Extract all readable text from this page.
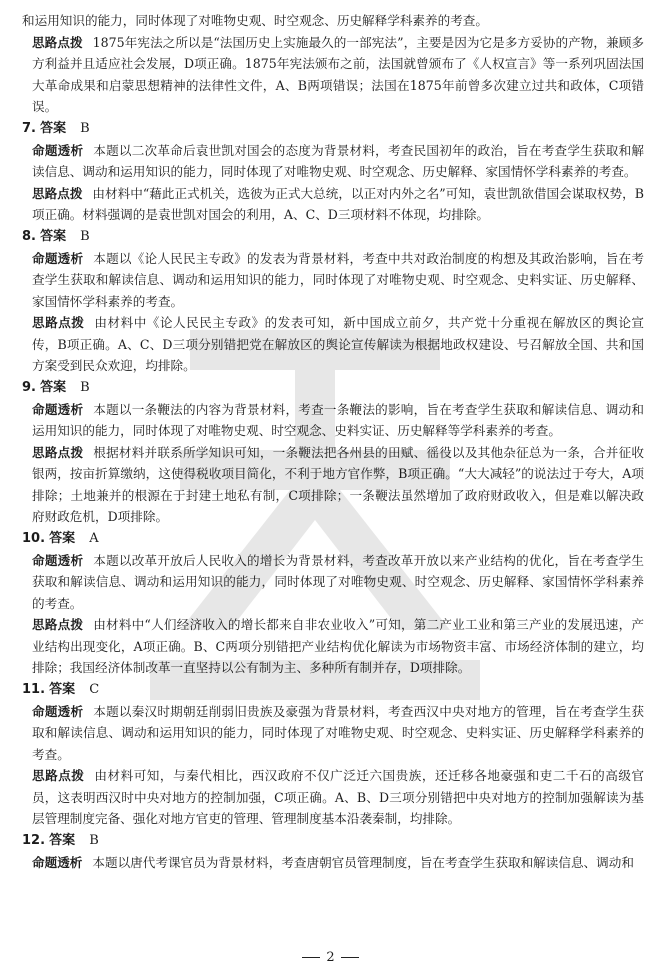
和运用知识的能力，同时体现了对唯物史观、时空观念、历史解释学科素养的考查。

思路点拨 1875年宪法之所以是“法国历史上实施最久的一部宪法”，主要是因为它是多方妥协的产物，兼顾多方利益并且适应社会发展，D项正确。1875年宪法颁布之前，法国就曾颁布了《人权宣言》等一系列巩固法国大革命成果和启蒙思想精神的法律性文件，A、B两项错误；法国在1875年前曾多次建立过共和政体，C项错误。

7. 答案 B

命题透析 本题以二次革命后袁世凯对国会的态度为背景材料，考查民国初年的政治，旨在考查学生获取和解读信息、调动和运用知识的能力，同时体现了对唯物史观、时空观念、历史解释、家国情怀学科素养的考查。

思路点拨 由材料中“藉此正式机关，选彼为正式大总统，以正对内外之名”可知，袁世凯欲借国会谋取权势，B项正确。材料强调的是袁世凯对国会的利用，A、C、D三项材料不体现，均排除。

8. 答案 B

命题透析 本题以《论人民民主专政》的发表为背景材料，考查中共对政治制度的构想及其政治影响，旨在考查学生获取和解读信息、调动和运用知识的能力，同时体现了对唯物史观、时空观念、史料实证、历史解释、家国情怀学科素养的考查。

思路点拨 由材料中《论人民民主专政》的发表可知，新中国成立前夕，共产党十分重视在解放区的舆论宣传，B项正确。A、C、D三项分别错把党在解放区的舆论宣传解读为根据地政权建设、号召解放全国、共和国方案受到民众欢迎，均排除。

9. 答案 B

命题透析 本题以一条鞭法的内容为背景材料，考查一条鞭法的影响，旨在考查学生获取和解读信息、调动和运用知识的能力，同时体现了对唯物史观、时空观念、史料实证、历史解释等学科素养的考查。

思路点拨 根据材料并联系所学知识可知，一条鞭法把各州县的田赋、徭役以及其他杂征总为一条，合并征收银两，按亩折算缴纳，这使得税收项目简化，不利于地方官作弊，B项正确。“大大减轻”的说法过于夸大，A项排除；土地兼并的根源在于封建土地私有制，C项排除；一条鞭法虽然增加了政府财政收入，但是难以解决政府财政危机，D项排除。

10. 答案 A

命题透析 本题以改革开放后人民收入的增长为背景材料，考查改革开放以来产业结构的优化，旨在考查学生获取和解读信息、调动和运用知识的能力，同时体现了对唯物史观、时空观念、历史解释、家国情怀学科素养的考查。

思路点拨 由材料中“人们经济收入的增长都来自非农业收入”可知，第二产业工业和第三产业的发展迅速，产业结构出现变化，A项正确。B、C两项分别错把产业结构优化解读为市场物资丰富、市场经济体制的建立，均排除；我国经济体制改革一直坚持以公有制为主、多种所有制并存，D项排除。

11. 答案 C

命题透析 本题以秦汉时期朝廷削弱旧贵族及豪强为背景材料，考查西汉中央对地方的管理，旨在考查学生获取和解读信息、调动和运用知识的能力，同时体现了对唯物史观、时空观念、史料实证、历史解释学科素养的考查。

思路点拨 由材料可知，与秦代相比，西汉政府不仅广泛迁六国贵族，还迁移各地豪强和吏二千石的高级官员，这表明西汉时中央对地方的控制加强，C项正确。A、B、D三项分别错把中央对地方的控制加强解读为基层管理制度完备、强化对地方官吏的管理、管理制度基本沿袭秦制，均排除。

12. 答案 B

命题透析 本题以唐代考课官员为背景材料，考查唐朝官员管理制度，旨在考查学生获取和解读信息、调动和

2
